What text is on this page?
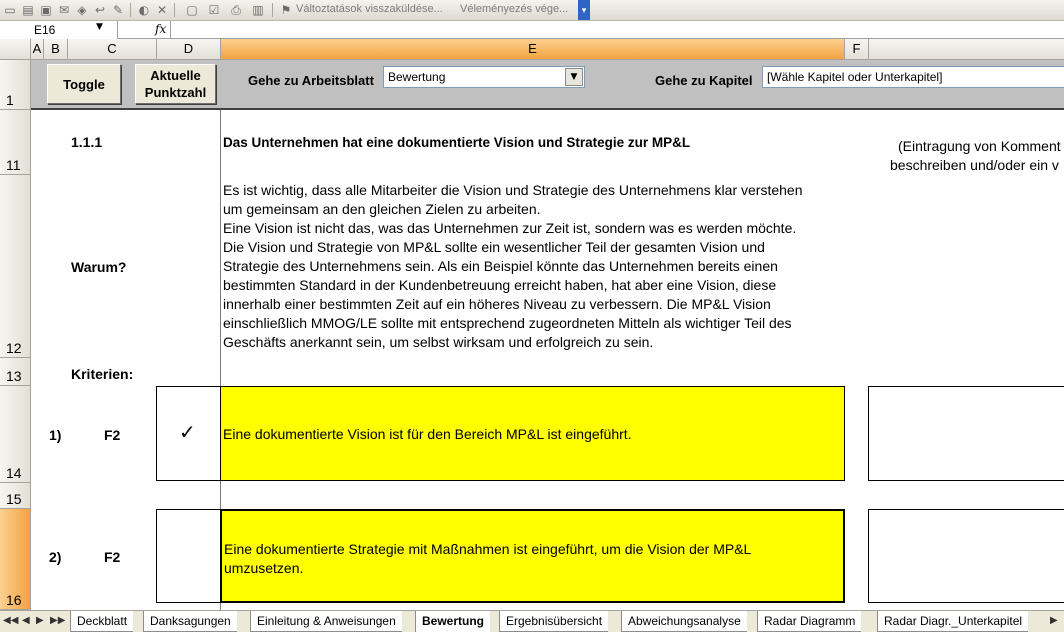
▭ ▤ ▣ ✉ ◈ ↩ ✎ ◐ ✕ ▢ ☑ ⎙ ▥ ⚑ Változtatások visszaküldése... Véleményezés vége...	▾
E16	▼	fx
A B	C	D	E	F
1
11
12
13
14
15
16
Toggle
Aktuelle
Punktzahl
Gehe zu Arbeitsblatt	Bewertung	▼	Gehe zu Kapitel	[Wähle Kapitel oder Unterkapitel]
1.1.1	Das Unternehmen hat eine dokumentierte Vision und Strategie zur MP&L	(Eintragung von Komment
beschreiben und/oder ein v
Warum?
Es ist wichtig, dass alle Mitarbeiter die Vision und Strategie des Unternehmens klar verstehen
um gemeinsam an den gleichen Zielen zu arbeiten.
Eine Vision ist nicht das, was das Unternehmen zur Zeit ist, sondern was es werden möchte.
Die Vision und Strategie von MP&L sollte ein wesentlicher Teil der gesamten Vision und
Strategie des Unternehmens sein. Als ein Beispiel könnte das Unternehmen bereits einen
bestimmten Standard in der Kundenbetreuung erreicht haben, hat aber eine Vision, diese
innerhalb einer bestimmten Zeit auf ein höheres Niveau zu verbessern. Die MP&L Vision
einschließlich MMOG/LE sollte mit entsprechend zugeordneten Mitteln als wichtiger Teil des
Geschäfts anerkannt sein, um selbst wirksam und erfolgreich zu sein.
Kriterien:
1)	F2	✓ Eine dokumentierte Vision ist für den Bereich MP&L ist eingeführt.
2)	F2	Eine dokumentierte Strategie mit Maßnahmen ist eingeführt, um die Vision der MP&L
umzusetzen.
◀◀ ◀ ▶ ▶▶ Deckblatt	Danksagungen	Einleitung & Anweisungen	Bewertung	Ergebnisübersicht	Abweichungsanalyse	Radar Diagramm	Radar Diagr._Unterkapitel	▶
